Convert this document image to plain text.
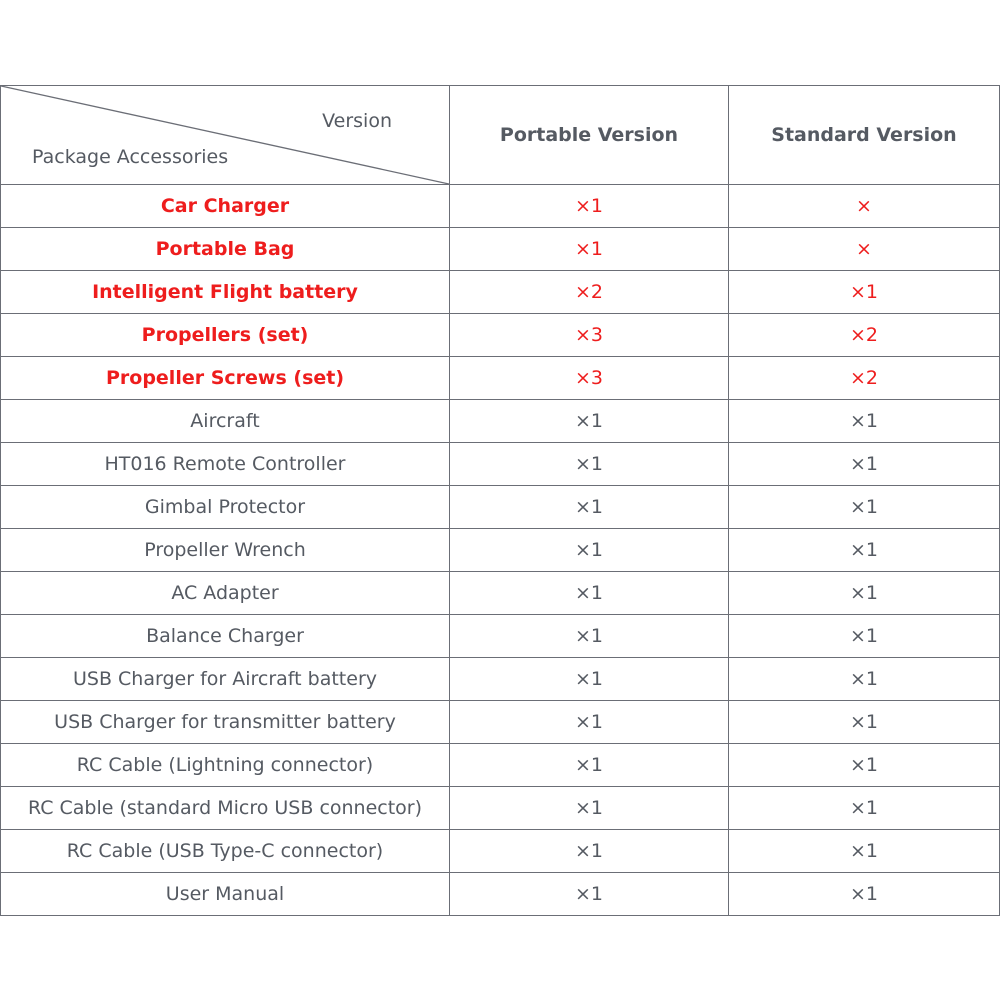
Version
Package Accessories	Portable Version	Standard Version
Car Charger	×1	×
Portable Bag	×1	×
Intelligent Flight battery	×2	×1
Propellers (set)	×3	×2
Propeller Screws (set)	×3	×2
Aircraft	×1	×1
HT016 Remote Controller	×1	×1
Gimbal Protector	×1	×1
Propeller Wrench	×1	×1
AC Adapter	×1	×1
Balance Charger	×1	×1
USB Charger for Aircraft battery	×1	×1
USB Charger for transmitter battery	×1	×1
RC Cable (Lightning connector)	×1	×1
RC Cable (standard Micro USB connector)	×1	×1
RC Cable (USB Type-C connector)	×1	×1
User Manual	×1	×1
